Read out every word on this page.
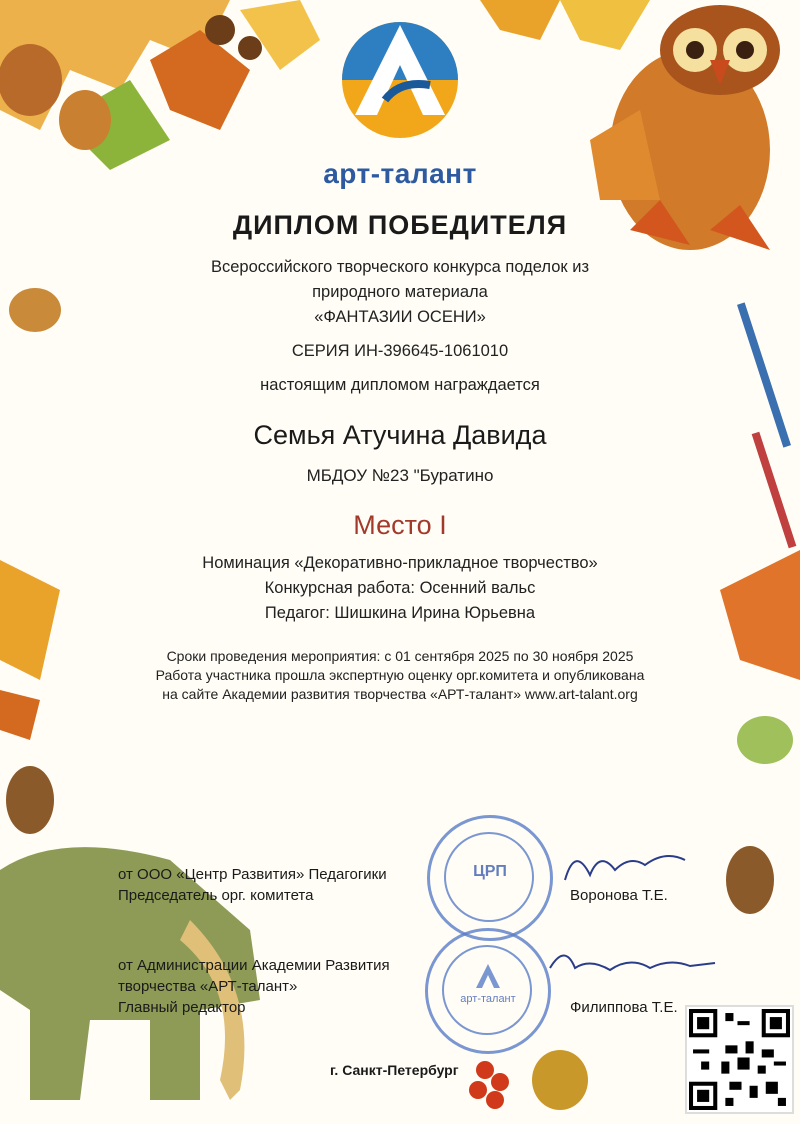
арт-талант
ДИПЛОМ ПОБЕДИТЕЛЯ
Всероссийского творческого конкурса поделок из
природного материала
«ФАНТАЗИИ ОСЕНИ»
СЕРИЯ ИН-396645-1061010
настоящим дипломом награждается
Семья Атучина Давида
МБДОУ №23 "Буратино
Место I
Номинация «Декоративно-прикладное творчество»
Конкурсная работа: Осенний вальс
Педагог: Шишкина Ирина Юрьевна
Сроки проведения мероприятия: с 01 сентября 2025 по 30 ноября 2025
Работа участника прошла экспертную оценку орг.комитета и опубликована
на сайте Академии развития творчества «АРТ-талант» www.art-talant.org
ЦРП
арт-талант
от ООО «Центр Развития» Педагогики
Председатель орг. комитета	Воронова Т.Е.
от Администрации Академии Развития
творчества «АРТ-талант»
Главный редактор	Филиппова Т.Е.
г. Санкт-Петербург
